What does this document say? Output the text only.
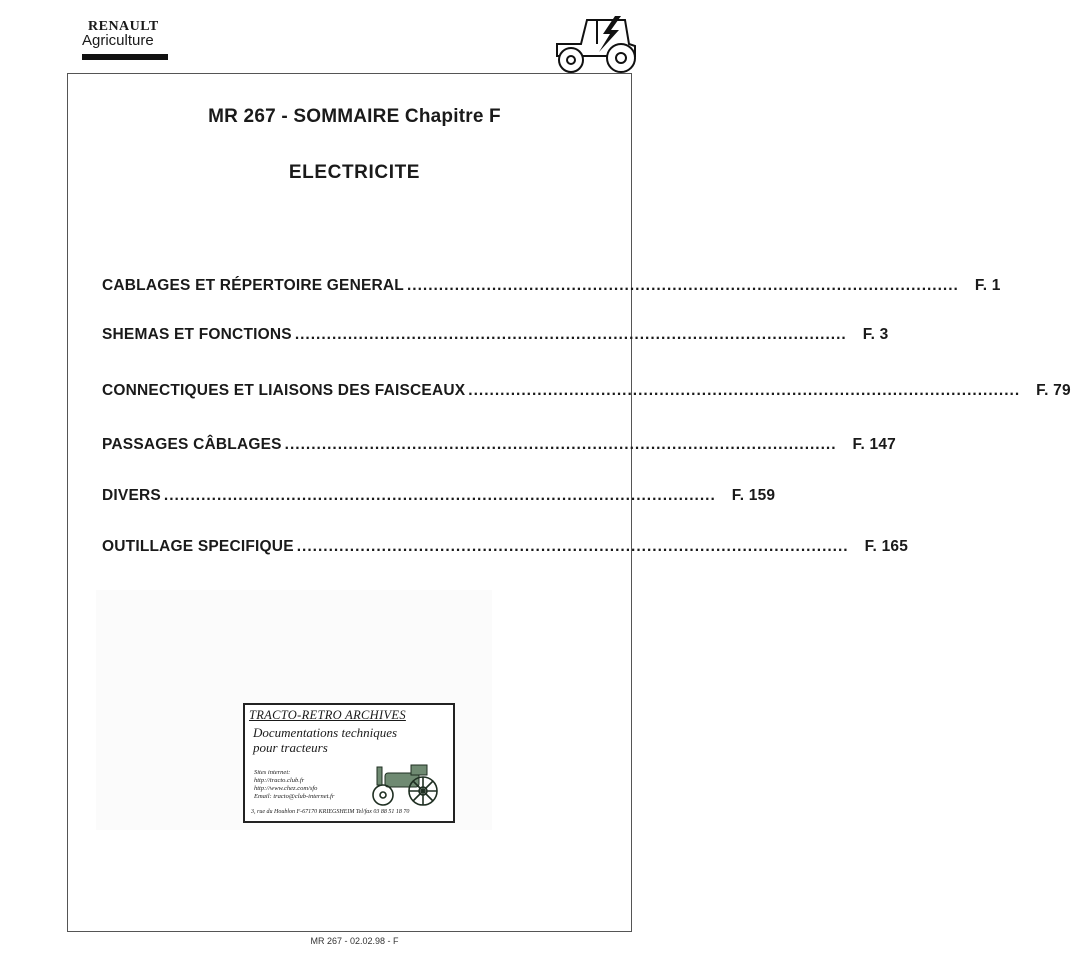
RENAULT
Agriculture
MR 267 - SOMMAIRE Chapitre F
ELECTRICITE
CABLAGES ET RÉPERTOIRE GENERAL ........................................................................................................	F. 1
SHEMAS ET FONCTIONS ........................................................................................................	F. 3
CONNECTIQUES ET LIAISONS DES FAISCEAUX ........................................................................................................	F. 79
PASSAGES CÂBLAGES ........................................................................................................	F. 147
DIVERS ........................................................................................................	F. 159
OUTILLAGE SPECIFIQUE ........................................................................................................	F. 165
TRACTO-RETRO ARCHIVES
Documentations techniques
pour tracteurs
Sites internet:
http://tracto.club.fr
http://www.chez.com/sfo
Email: tracto@club-internet.fr
3, rue du Houblon F-67170 KRIEGSHEIM Tel/fax 03 88 51 18 70
MR 267 - 02.02.98 - F
